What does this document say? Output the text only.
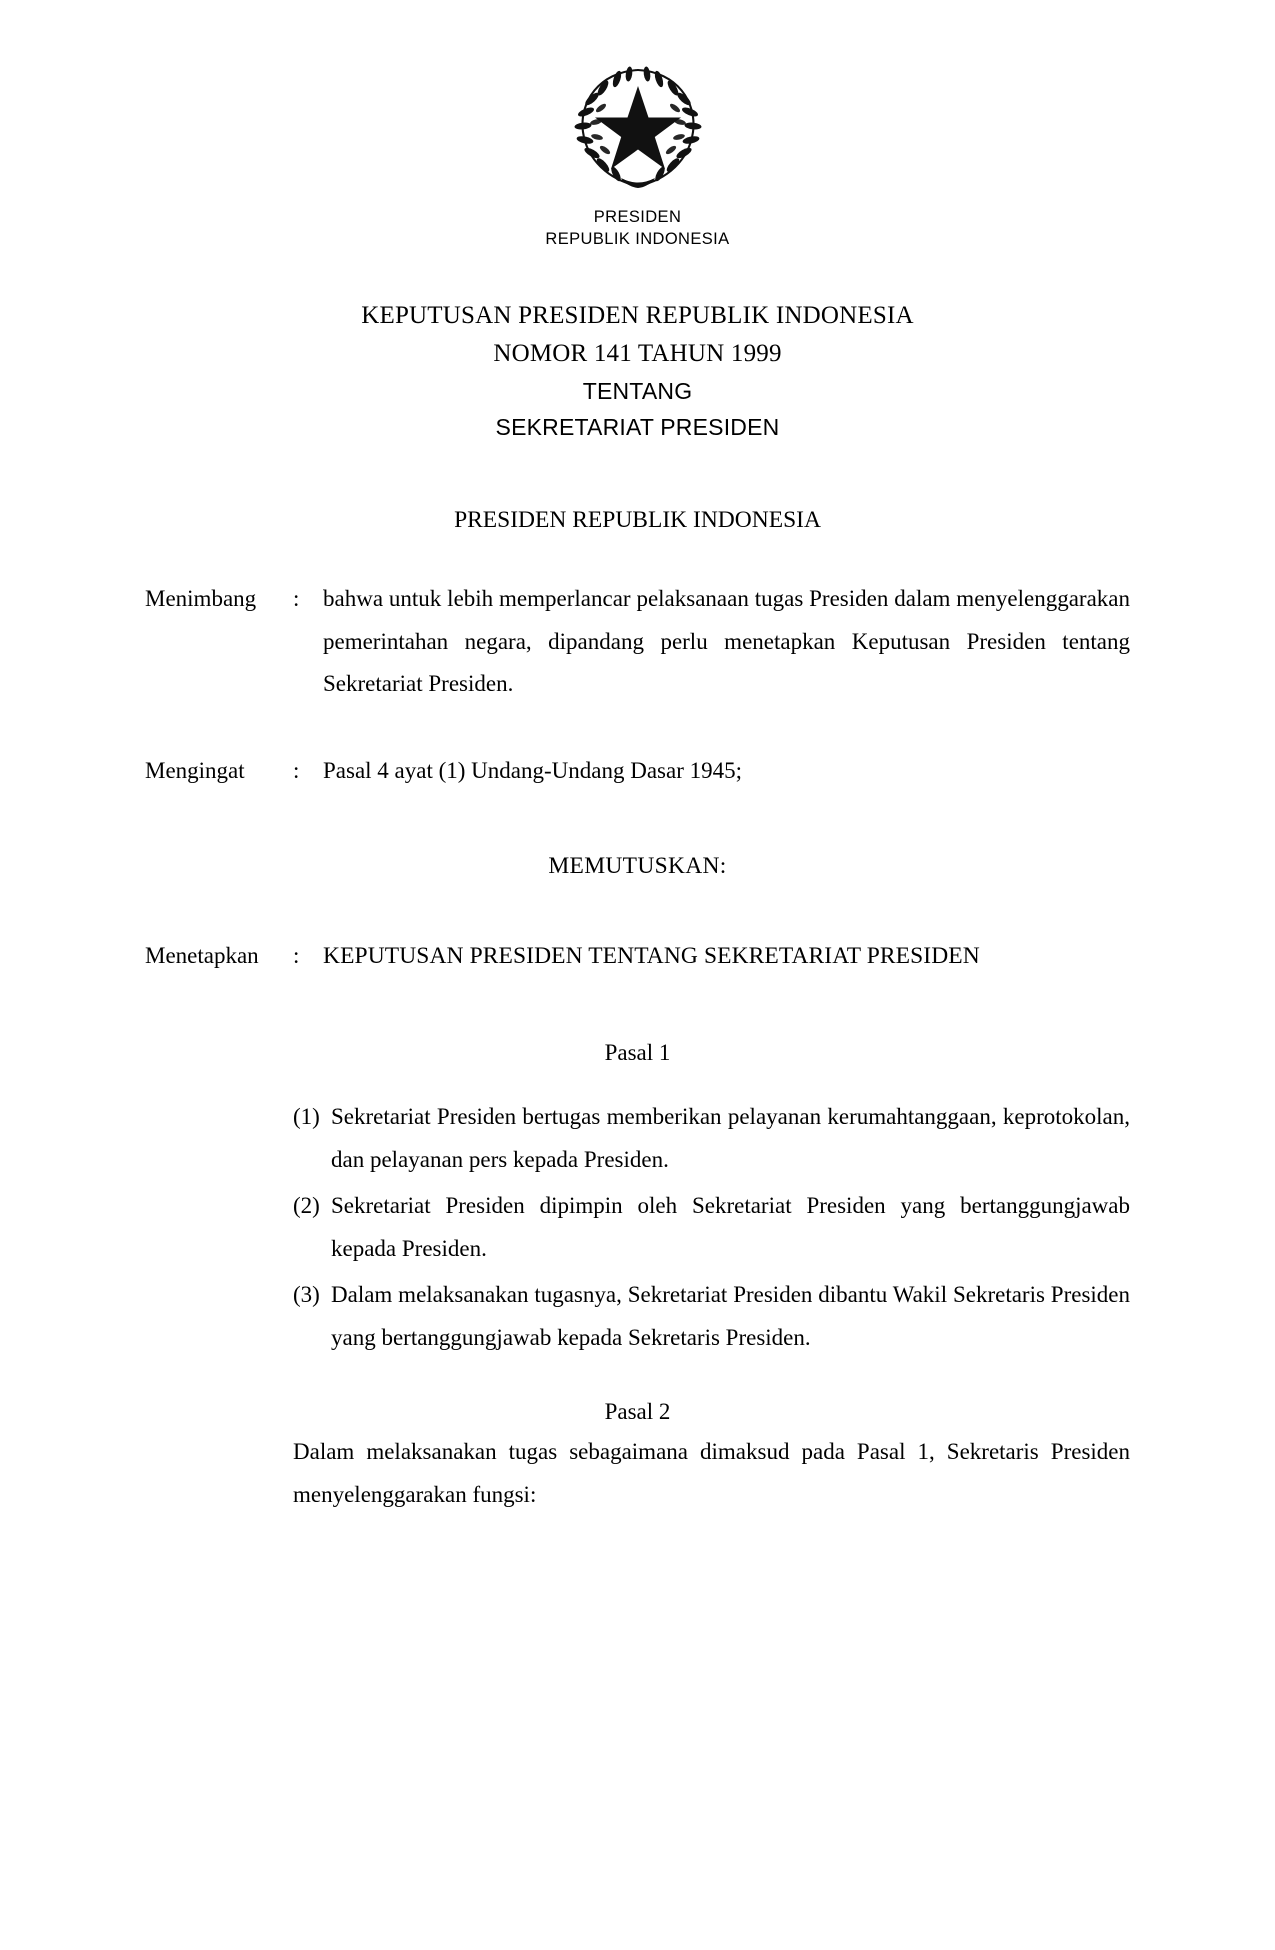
PRESIDEN
REPUBLIK INDONESIA
KEPUTUSAN PRESIDEN REPUBLIK INDONESIA
NOMOR 141 TAHUN 1999
TENTANG
SEKRETARIAT PRESIDEN
PRESIDEN REPUBLIK INDONESIA
Menimbang	:	bahwa untuk lebih memperlancar pelaksanaan tugas Presiden dalam menyelenggarakan pemerintahan negara, dipandang perlu menetapkan Keputusan Presiden tentang Sekretariat Presiden.
Mengingat	:	Pasal 4 ayat (1) Undang-Undang Dasar 1945;
MEMUTUSKAN:
Menetapkan	:	KEPUTUSAN PRESIDEN TENTANG SEKRETARIAT PRESIDEN
Pasal 1
(1) Sekretariat Presiden bertugas memberikan pelayanan kerumahtanggaan, keprotokolan, dan pelayanan pers kepada Presiden.
(2) Sekretariat Presiden dipimpin oleh Sekretariat Presiden yang bertanggungjawab kepada Presiden.
(3) Dalam melaksanakan tugasnya, Sekretariat Presiden dibantu Wakil Sekretaris Presiden yang bertanggungjawab kepada Sekretaris Presiden.
Pasal 2
Dalam melaksanakan tugas sebagaimana dimaksud pada Pasal 1, Sekretaris Presiden menyelenggarakan fungsi:
